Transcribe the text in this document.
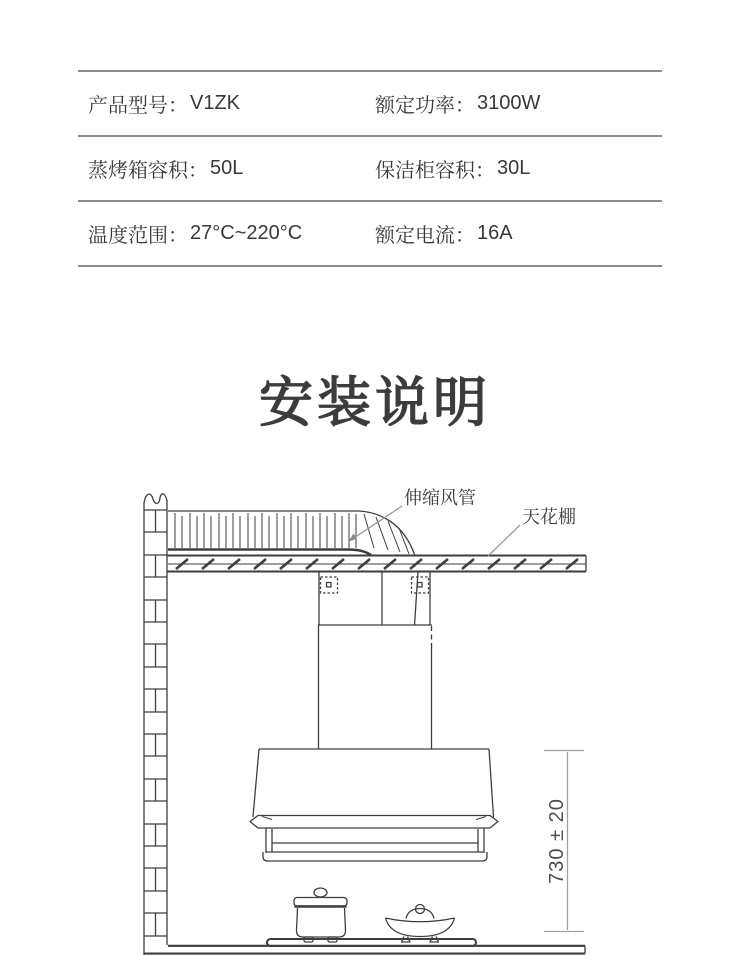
产品型号： V1ZK	额定功率： 3100W
蒸烤箱容积： 50L	保洁柜容积： 30L
温度范围： 27°C~220°C	额定电流： 16A
安装说明
伸缩风管
天花棚
730 ± 20
